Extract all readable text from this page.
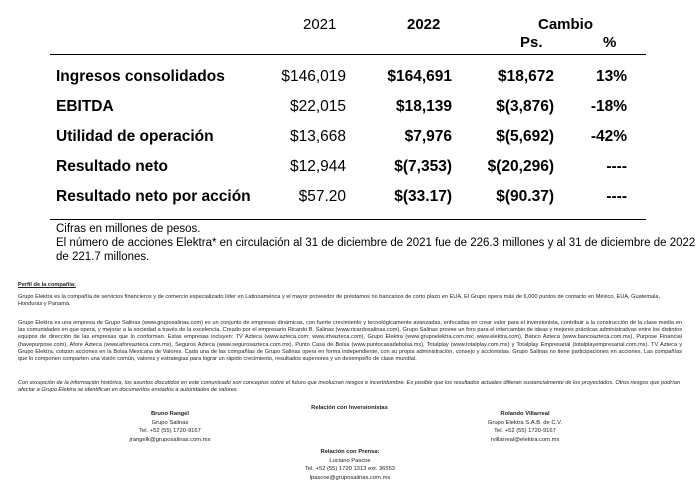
2021	2022	Cambio
Ps.	%
Ingresos consolidados	$146,019	$164,691	$18,672	13%
EBITDA	$22,015	$18,139	$(3,876) -18%
Utilidad de operación	$13,668	$7,976	$(5,692) -42%
Resultado neto	$12,944	$(7,353) $(20,296)	----
Resultado neto por acción	$57.20	$(33.17)	$(90.37)	----
Cifras en millones de pesos.
El número de acciones Elektra* en circulación al 31 de diciembre de 2021 fue de 226.3 millones y al 31 de diciembre de 2022 de 221.7 millones.
Perfil de la compañía:
Grupo Elektra es la compañía de servicios financieros y de comercio especializado líder en Latinoamérica y el mayor proveedor de préstamos no bancarios de corto plazo en EUA. El Grupo opera más de 6,000 puntos de contacto en México, EUA, Guatemala, Honduras y Panamá.
Grupo Elektra es una empresa de Grupo Salinas (www.gruposalinas.com) es un conjunto de empresas dinámicas, con fuerte crecimiento y tecnológicamente avanzadas, enfocadas en crear valor para el inversionista, contribuir a la construcción de la clase media en las comunidades en que opera, y mejorar a la sociedad a través de la excelencia. Creado por el empresario Ricardo B. Salinas (www.ricardosalinas.com), Grupo Salinas provee un foro para el intercambio de ideas y mejores prácticas administrativas entre los distintos equipos de dirección de las empresas que lo conforman. Estas empresas incluyen: TV Azteca (www.azteca.com; www.irtvazteca.com), Grupo Elektra (www.grupoelektra.com.mx; www.elektra.com), Banco Azteca (www.bancoazteca.com.mx), Purpose Financial (havepurpose.com), Afore Azteca (www.aforeazteca.com.mx), Seguros Azteca (www.segurosazteca.com.mx), Punto Casa de Bolsa (www.puntocasadebolsa.mx), Totalplay (www.totalplay.com.mx) y Totalplay Empresarial (totalplayempresarial.com.mx). TV Azteca y Grupo Elektra, cotizan acciones en la Bolsa Mexicana de Valores. Cada una de las compañías de Grupo Salinas opera en forma independiente, con su propia administración, consejo y accionistas. Grupo Salinas no tiene participaciones en acciones. Las compañías que lo componen comparten una visión común, valores y estrategias para lograr un rápido crecimiento, resultados superiores y un desempeño de clase mundial.
Con excepción de la información histórica, los asuntos discutidos en este comunicado son conceptos sobre el futuro que involucran riesgos e incertidumbre. Es posible que los resultados actuales difieran sustancialmente de los proyectados. Otros riesgos que podrían afectar a Grupo Elektra se identifican en documentos enviados a autoridades de valores.
Relación con Inversionistas
Bruno Rangel
Grupo Salinas
Tel. +52 (55) 1720-9167
jrangelk@gruposalinas.com.mx
Rolando Villarreal
Grupo Elektra S.A.B. de C.V.
Tel. +52 (55) 1720-9167
rvillarreal@elektra.com.mx
Relación con Prensa:
Luciano Pascoe
Tel. +52 (55) 1720 1313 ext. 36553
lpascoe@gruposalinas.com.mx
